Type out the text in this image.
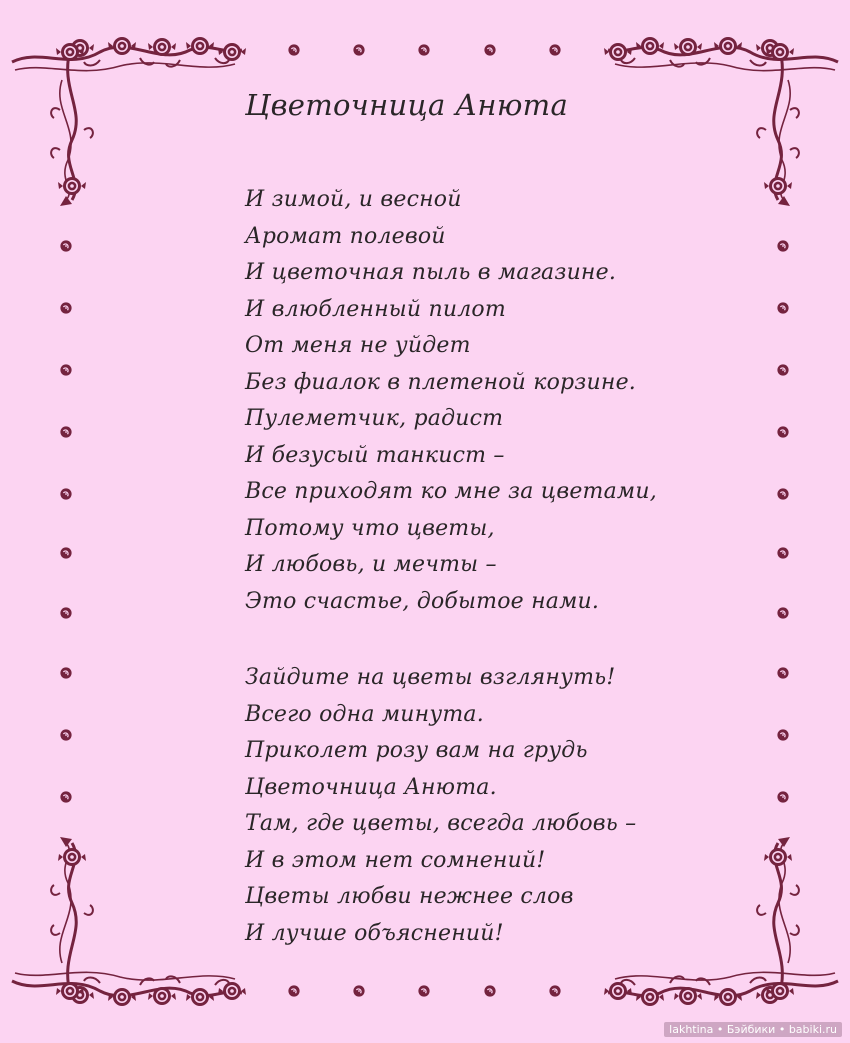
Цветочница Анюта
И зимой, и весной
Аромат полевой
И цветочная пыль в магазине.
И влюбленный пилот
От меня не уйдет
Без фиалок в плетеной корзине.
Пулеметчик, радист
И безусый танкист –
Все приходят ко мне за цветами,
Потому что цветы,
И любовь, и мечты –
Это счастье, добытое нами.
Зайдите на цветы взглянуть!
Всего одна минута.
Приколет розу вам на грудь
Цветочница Анюта.
Там, где цветы, всегда любовь –
И в этом нет сомнений!
Цветы любви нежнее слов
И лучше объяснений!
lakhtina • Бэйбики • babiki.ru
